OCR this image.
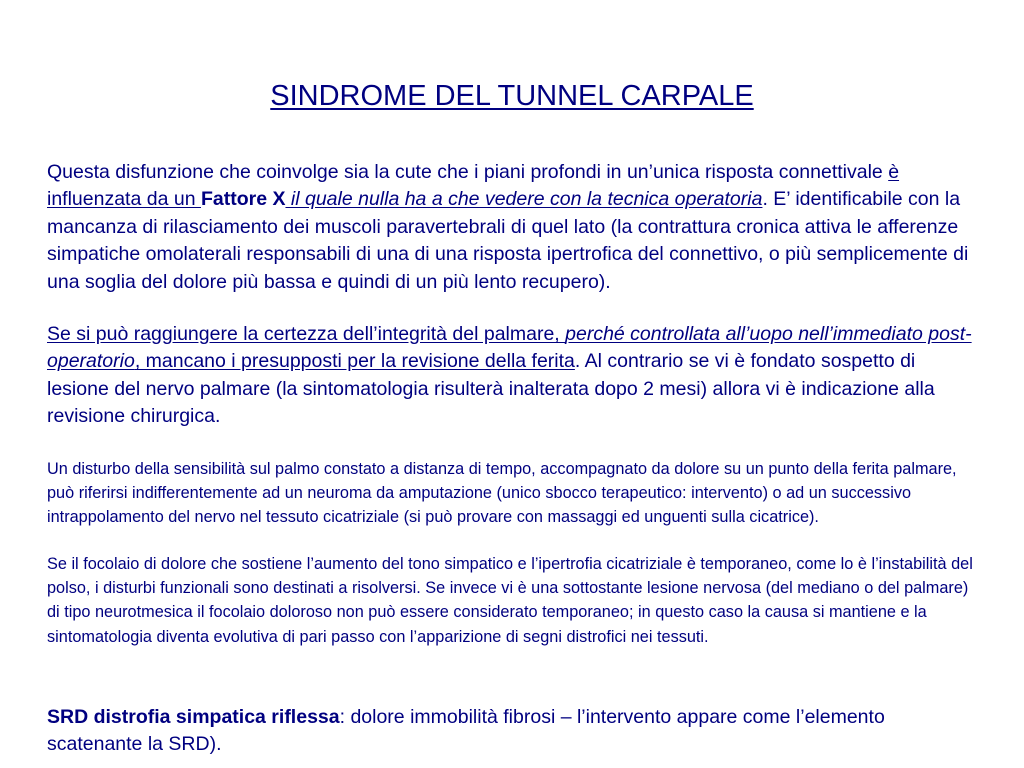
SINDROME DEL TUNNEL CARPALE

Questa disfunzione che coinvolge sia la cute che i piani profondi in un’unica risposta connettivale è influenzata da un Fattore X il quale nulla ha a che vedere con la tecnica operatoria. E’ identificabile con la mancanza di rilasciamento dei muscoli paravertebrali di quel lato (la contrattura cronica attiva le afferenze simpatiche omolaterali responsabili di una di una risposta ipertrofica del connettivo, o più semplicemente di una soglia del dolore più bassa e quindi di un più lento recupero).

Se si può raggiungere la certezza dell’integrità del palmare, perché controllata all’uopo nell’immediato post-operatorio, mancano i presupposti per la revisione della ferita. Al contrario se vi è fondato sospetto di lesione del nervo palmare (la sintomatologia risulterà inalterata dopo 2 mesi) allora vi è indicazione alla revisione chirurgica.

Un disturbo della sensibilità sul palmo constato a distanza di tempo, accompagnato da dolore su un punto della ferita palmare, può riferirsi indifferentemente ad un neuroma da amputazione (unico sbocco terapeutico: intervento) o ad un successivo intrappolamento del nervo nel tessuto cicatriziale (si può provare con massaggi ed unguenti sulla cicatrice).

Se il focolaio di dolore che sostiene l’aumento del tono simpatico e l’ipertrofia cicatriziale è temporaneo, come lo è l’instabilità del polso, i disturbi funzionali sono destinati a risolversi. Se invece vi è una sottostante lesione nervosa (del mediano o del palmare) di tipo neurotmesica il focolaio doloroso non può essere considerato temporaneo; in questo caso la causa si mantiene e la sintomatologia diventa evolutiva di pari passo con l’apparizione di segni distrofici nei tessuti.

SRD distrofia simpatica riflessa: dolore immobilità fibrosi – l’intervento appare come l’elemento scatenante la SRD).
